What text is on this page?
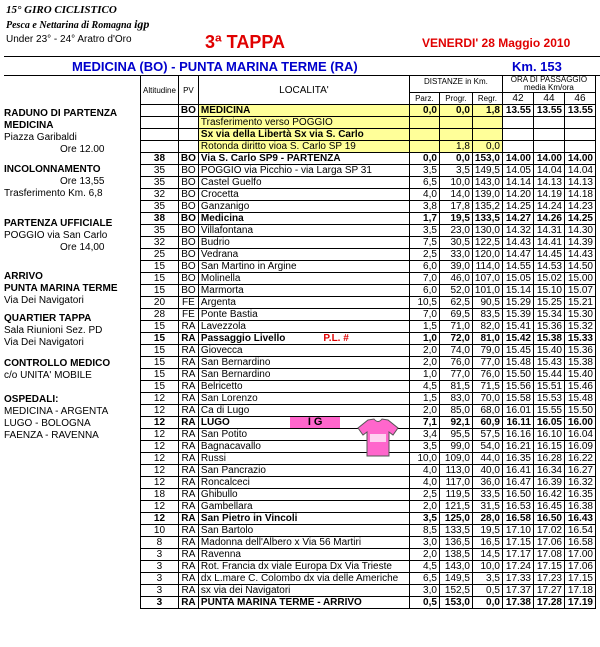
15° GIRO CICLISTICO
Pesca e Nettarina di Romagna igp
Under 23° - 24° Aratro d'Oro	3ª TAPPA	VENERDI' 28 Maggio 2010
MEDICINA (BO) - PUNTA MARINA TERME (RA)	Km. 153
RADUNO DI PARTENZA
MEDICINA
Piazza Garibaldi
Ore 12.00
INCOLONNAMENTO
Ore 13,55
Trasferimento Km. 6,8
PARTENZA UFFICIALE
POGGIO via San Carlo
Ore 14,00
ARRIVO
PUNTA MARINA TERME
Via Dei Navigatori
QUARTIER TAPPA
Sala Riunioni Sez. PD
Via Dei Navigatori
CONTROLLO MEDICO
c/o UNITA' MOBILE
OSPEDALI:
MEDICINA - ARGENTA
LUGO - BOLOGNA
FAENZA - RAVENNA
Altitudine	PV	LOCALITA'	DISTANZE in Km.			ORA DI PASSAGGIO
media Km/ora		

			Parz.	Progr.	Regr.	42	44	46
	BO	MEDICINA	0,0	0,0	1,8	13.55	13.55	13.55
		Trasferimento verso POGGIO						
		Sx via della Libertà Sx via S. Carlo						
		Rotonda diritto vioa S. Carlo SP 19		1,8	0,0			
38	BO	Via S. Carlo SP9 - PARTENZA	0,0	0,0	153,0	14.00	14.00	14.00
35	BO	POGGIO via Picchio - via Larga SP 31	3,5	3,5	149,5	14.05	14.04	14.04
35	BO	Castel Guelfo	6,5	10,0	143,0	14.14	14.13	14.13
32	BO	Crocetta	4,0	14,0	139,0	14.20	14.19	14.18
35	BO	Ganzanigo	3,8	17,8	135,2	14.25	14.24	14.23
38	BO	Medicina	1,7	19,5	133,5	14.27	14.26	14.25
35	BO	Villafontana	3,5	23,0	130,0	14.32	14.31	14.30
32	BO	Budrio	7,5	30,5	122,5	14.43	14.41	14.39
25	BO	Vedrana	2,5	33,0	120,0	14.47	14.45	14.43
15	BO	San Martino in Argine	6,0	39,0	114,0	14.55	14.53	14.50
15	BO	Molinella	7,0	46,0	107,0	15.05	15.02	15.00
15	BO	Marmorta	6,0	52,0	101,0	15.14	15.10	15.07
20	FE	Argenta	10,5	62,5	90,5	15.29	15.25	15.21
28	FE	Ponte Bastia	7,0	69,5	83,5	15.39	15.34	15.30
15	RA	Lavezzola	1,5	71,0	82,0	15.41	15.36	15.32
15	RA	Passaggio Livello P.L. #	1,0	72,0	81,0	15.42	15.38	15.33
15	RA	Giovecca	2,0	74,0	79,0	15.45	15.40	15.36
15	RA	San Bernardino	2,0	76,0	77,0	15.48	15.43	15.38
15	RA	San Bernardino	1,0	77,0	76,0	15.50	15.44	15.40
15	RA	Belricetto	4,5	81,5	71,5	15.56	15.51	15.46
12	RA	San Lorenzo	1,5	83,0	70,0	15.58	15.53	15.48
12	RA	Ca di Lugo	2,0	85,0	68,0	16.01	15.55	15.50
12	RA	LUGO I G	7,1	92,1	60,9	16.11	16.05	16.00
12	RA	San Potito	3,4	95,5	57,5	16.16	16.10	16.04
12	RA	Bagnacavallo	3,5	99,0	54,0	16.21	16.15	16.09
12	RA	Russi	10,0	109,0	44,0	16.35	16.28	16.22
12	RA	San Pancrazio	4,0	113,0	40,0	16.41	16.34	16.27
12	RA	Roncalceci	4,0	117,0	36,0	16.47	16.39	16.32
18	RA	Ghibullo	2,5	119,5	33,5	16.50	16.42	16.35
12	RA	Gambellara	2,0	121,5	31,5	16.53	16.45	16.38
12	RA	San Pietro in Vincoli	3,5	125,0	28,0	16.58	16.50	16.43
10	RA	San Bartolo	8,5	133,5	19,5	17.10	17.02	16.54
8	RA	Madonna dell'Albero x Via 56 Martiri	3,0	136,5	16,5	17.15	17.06	16.58
3	RA	Ravenna	2,0	138,5	14,5	17.17	17.08	17.00
3	RA	Rot. Francia dx viale Europa Dx Via Trieste	4,5	143,0	10,0	17.24	17.15	17.06
3	RA	dx L.mare C. Colombo dx via delle Americhe	6,5	149,5	3,5	17.33	17.23	17.15
3	RA	sx via dei Navigatori	3,0	152,5	0,5	17.37	17.27	17.18
3	RA	PUNTA MARINA TERME - ARRIVO	0,5	153,0	0,0	17.38	17.28	17.19
